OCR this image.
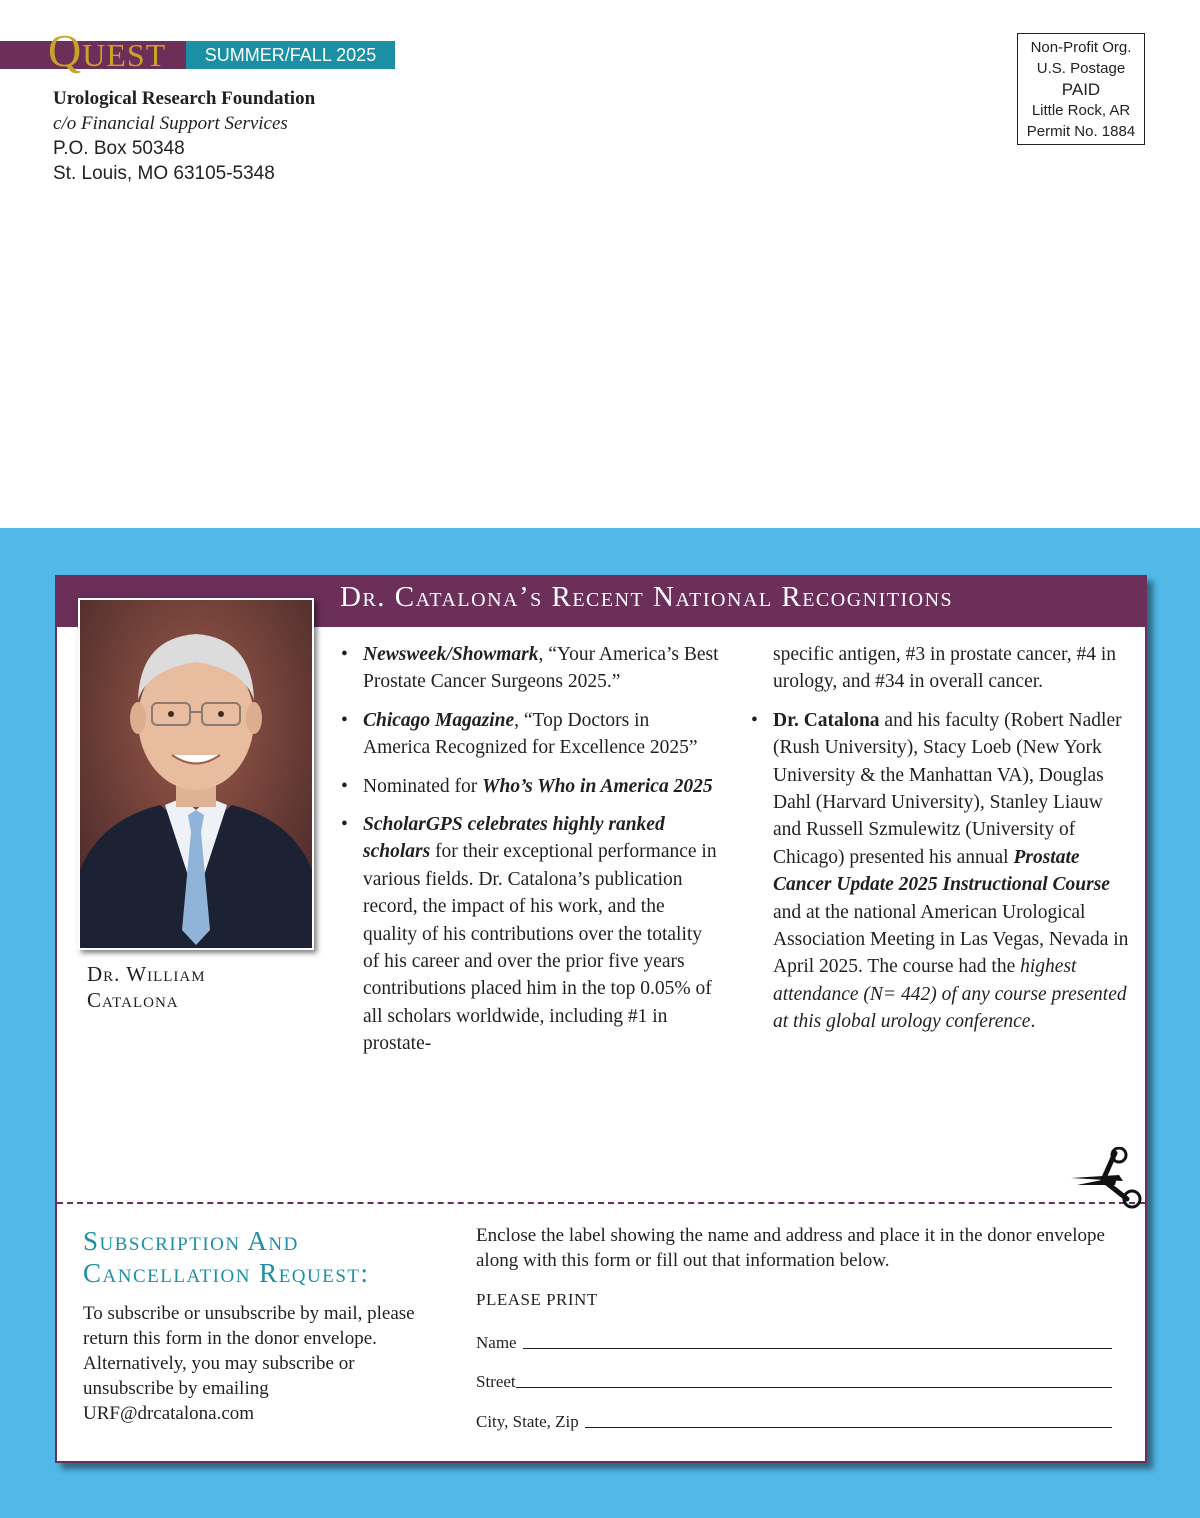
QUEST	SUMMER/FALL 2025
Urological Research Foundation
c/o Financial Support Services
P.O. Box 50348
St. Louis, MO 63105-5348
Non-Profit Org.
U.S. Postage
PAID
Little Rock, AR
Permit No. 1884
Dr. Catalona’s Recent National Recognitions
Dr. William
Catalona
• Newsweek/Showmark, “Your America’s Best Prostate Cancer Surgeons 2025.”
• Chicago Magazine, “Top Doctors in America Recognized for Excellence 2025”
• Nominated for Who’s Who in America 2025
• ScholarGPS celebrates highly ranked scholars for their exceptional performance in various fields. Dr. Catalona’s publication record, the impact of his work, and the quality of his contributions over the totality of his career and over the prior five years contributions placed him in the top 0.05% of all scholars worldwide, including #1 in prostate-
specific antigen, #3 in prostate cancer, #4 in urology, and #34 in overall cancer.
• Dr. Catalona and his faculty (Robert Nadler (Rush University), Stacy Loeb (New York University & the Manhattan VA), Douglas Dahl (Harvard University), Stanley Liauw and Russell Szmulewitz (University of Chicago) presented his annual Prostate Cancer Update 2025 Instructional Course and at the national American Urological Association Meeting in Las Vegas, Nevada in April 2025. The course had the highest attendance (N= 442) of any course presented at this global urology conference.
Subscription And
Cancellation Request:
To subscribe or unsubscribe by mail, please return this form in the donor envelope. Alternatively, you may subscribe or unsubscribe by emailing URF@drcatalona.com
Enclose the label showing the name and address and place it in the donor envelope along with this form or fill out that information below.
PLEASE PRINT
Name
Street
City, State, Zip
